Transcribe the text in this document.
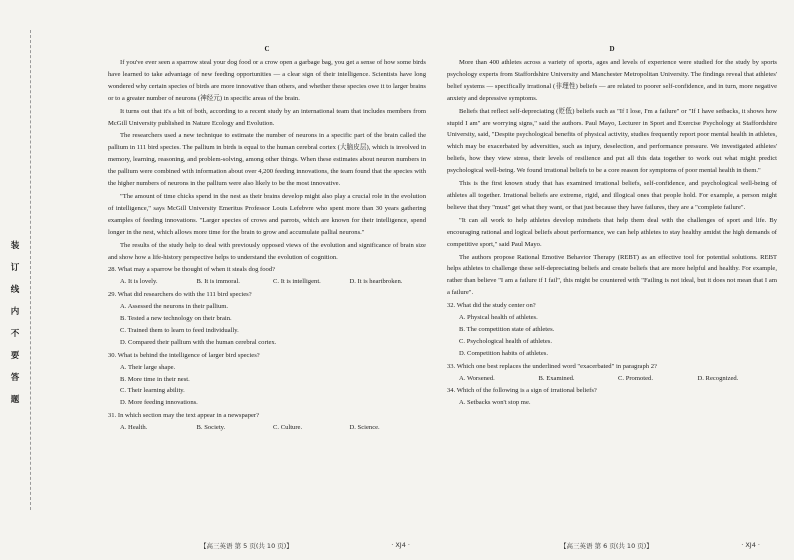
装
订
线
内
不
要
答
题
C

If you've ever seen a sparrow steal your dog food or a crow open a garbage bag, you get a sense of how some birds have learned to take advantage of new feeding opportunities — a clear sign of their intelligence. Scientists have long wondered why certain species of birds are more innovative than others, and whether these species owe it to larger brains or to a greater number of neurons (神经元) in specific areas of the brain.

It turns out that it's a bit of both, according to a recent study by an international team that includes members from McGill University published in Nature Ecology and Evolution.

The researchers used a new technique to estimate the number of neurons in a specific part of the brain called the pallium in 111 bird species. The pallium in birds is equal to the human cerebral cortex (大脑皮层), which is involved in memory, learning, reasoning, and problem-solving, among other things. When these estimates about neuron numbers in the pallium were combined with information about over 4,200 feeding innovations, the team found that the species with the higher numbers of neurons in the pallium were also likely to be the most innovative.

"The amount of time chicks spend in the nest as their brains develop might also play a crucial role in the evolution of intelligence," says McGill University Emeritus Professor Louis Lefebvre who spent more than 30 years gathering examples of feeding innovations. "Larger species of crows and parrots, which are known for their intelligence, spend longer in the nest, which allows more time for the brain to grow and accumulate pallial neurons."

The results of the study help to deal with previously opposed views of the evolution and significance of brain size and show how a life-history perspective helps to understand the evolution of cognition.

28. What may a sparrow be thought of when it steals dog food?

A. It is lovely.	B. It is immoral.	C. It is intelligent.	D. It is heartbroken.

29. What did researchers do with the 111 bird species?

A. Assessed the neurons in their pallium.

B. Tested a new technology on their brain.

C. Trained them to learn to feed individually.

D. Compared their pallium with the human cerebral cortex.

30. What is behind the intelligence of larger bird species?

A. Their large shape.

B. More time in their nest.

C. Their learning ability.

D. More feeding innovations.

31. In which section may the text appear in a newspaper?

A. Health.	B. Society.	C. Culture.	D. Science.
【高三英语 第 5 页(共 10 页)】	· XJ4 ·
D

More than 400 athletes across a variety of sports, ages and levels of experience were studied for the study by sports psychology experts from Staffordshire University and Manchester Metropolitan University. The findings reveal that athletes' belief systems — specifically irrational (非理性) beliefs — are related to poorer self-confidence, and in turn, more negative anxiety and depressive symptoms.

Beliefs that reflect self-depreciating (贬低) beliefs such as "If I lose, I'm a failure" or "If I have setbacks, it shows how stupid I am" are worrying signs," said the authors. Paul Mayo, Lecturer in Sport and Exercise Psychology at Staffordshire University, said, "Despite psychological benefits of physical activity, studies frequently report poor mental health in athletes, which may be exacerbated by adversities, such as injury, deselection, and performance pressure. We investigated athletes' beliefs, how they view stress, their levels of resilience and put all this data together to work out what might predict psychological well-being. We found irrational beliefs to be a core reason for symptoms of poor mental health in them."

This is the first known study that has examined irrational beliefs, self-confidence, and psychological well-being of athletes all together. Irrational beliefs are extreme, rigid, and illogical ones that people hold. For example, a person might believe that they "must" get what they want, or that just because they have failures, they are a "complete failure".

"It can all work to help athletes develop mindsets that help them deal with the challenges of sport and life. By encouraging rational and logical beliefs about performance, we can help athletes to stay healthy amidst the high demands of competitive sport," said Paul Mayo.

The authors propose Rational Emotive Behavior Therapy (REBT) as an effective tool for potential solutions. REBT helps athletes to challenge these self-depreciating beliefs and create beliefs that are more helpful and healthy. For example, rather than believe "I am a failure if I fail", this might be countered with "Failing is not ideal, but it does not mean that I am a failure".

32. What did the study center on?

A. Physical health of athletes.

B. The competition state of athletes.

C. Psychological health of athletes.

D. Competition habits of athletes.

33. Which one best replaces the underlined word "exacerbated" in paragraph 2?

A. Worsened.	B. Examined.	C. Promoted.	D. Recognized.

34. Which of the following is a sign of irrational beliefs?

A. Setbacks won't stop me.

【高三英语 第 6 页(共 10 页)】	· XJ4 ·
